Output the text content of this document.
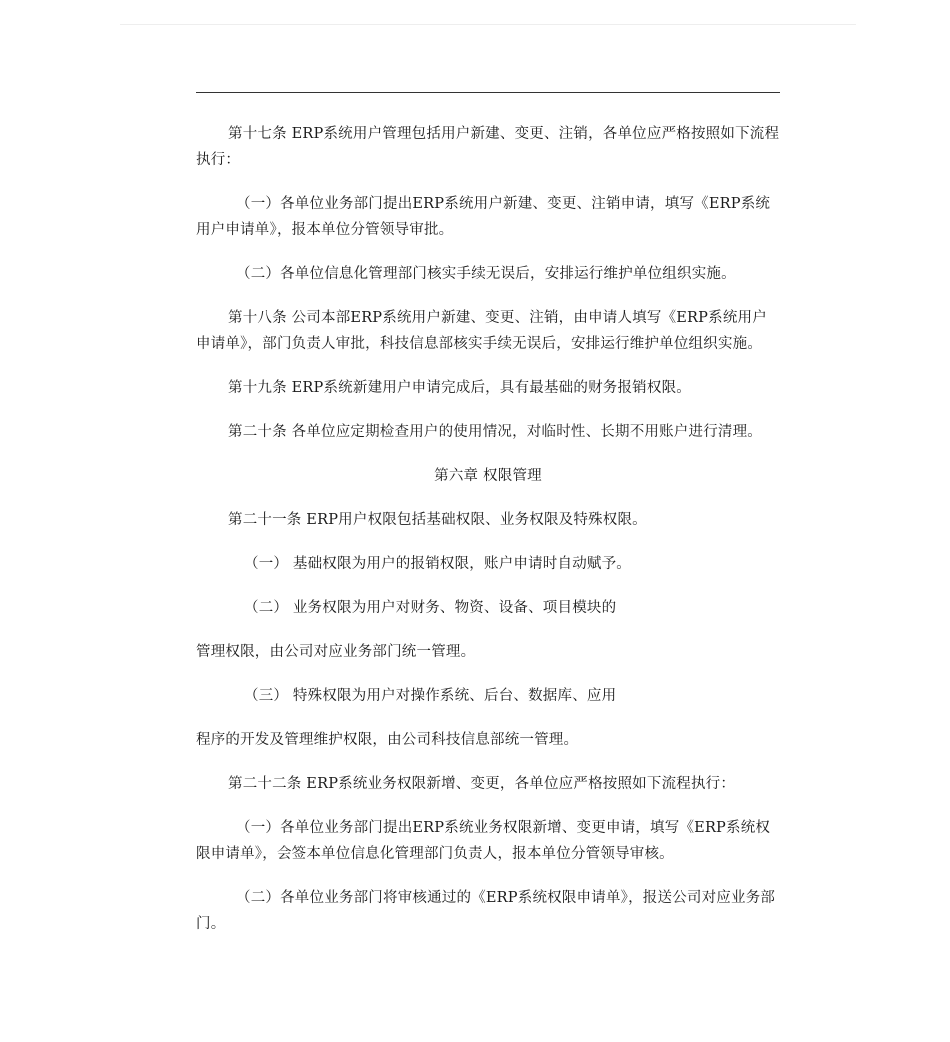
第十七条 ERP系统用户管理包括用户新建、变更、注销，各单位应严格按照如下流程执行：

（一）各单位业务部门提出ERP系统用户新建、变更、注销申请，填写《ERP系统用户申请单》，报本单位分管领导审批。

（二）各单位信息化管理部门核实手续无误后，安排运行维护单位组织实施。

第十八条 公司本部ERP系统用户新建、变更、注销，由申请人填写《ERP系统用户申请单》，部门负责人审批，科技信息部核实手续无误后，安排运行维护单位组织实施。

第十九条 ERP系统新建用户申请完成后，具有最基础的财务报销权限。

第二十条 各单位应定期检查用户的使用情况，对临时性、长期不用账户进行清理。

第六章 权限管理

第二十一条 ERP用户权限包括基础权限、业务权限及特殊权限。

（一） 基础权限为用户的报销权限，账户申请时自动赋予。

（二） 业务权限为用户对财务、物资、设备、项目模块的

管理权限，由公司对应业务部门统一管理。

（三） 特殊权限为用户对操作系统、后台、数据库、应用

程序的开发及管理维护权限，由公司科技信息部统一管理。

第二十二条 ERP系统业务权限新增、变更，各单位应严格按照如下流程执行：

（一）各单位业务部门提出ERP系统业务权限新增、变更申请，填写《ERP系统权限申请单》，会签本单位信息化管理部门负责人，报本单位分管领导审核。

（二）各单位业务部门将审核通过的《ERP系统权限申请单》，报送公司对应业务部门。
